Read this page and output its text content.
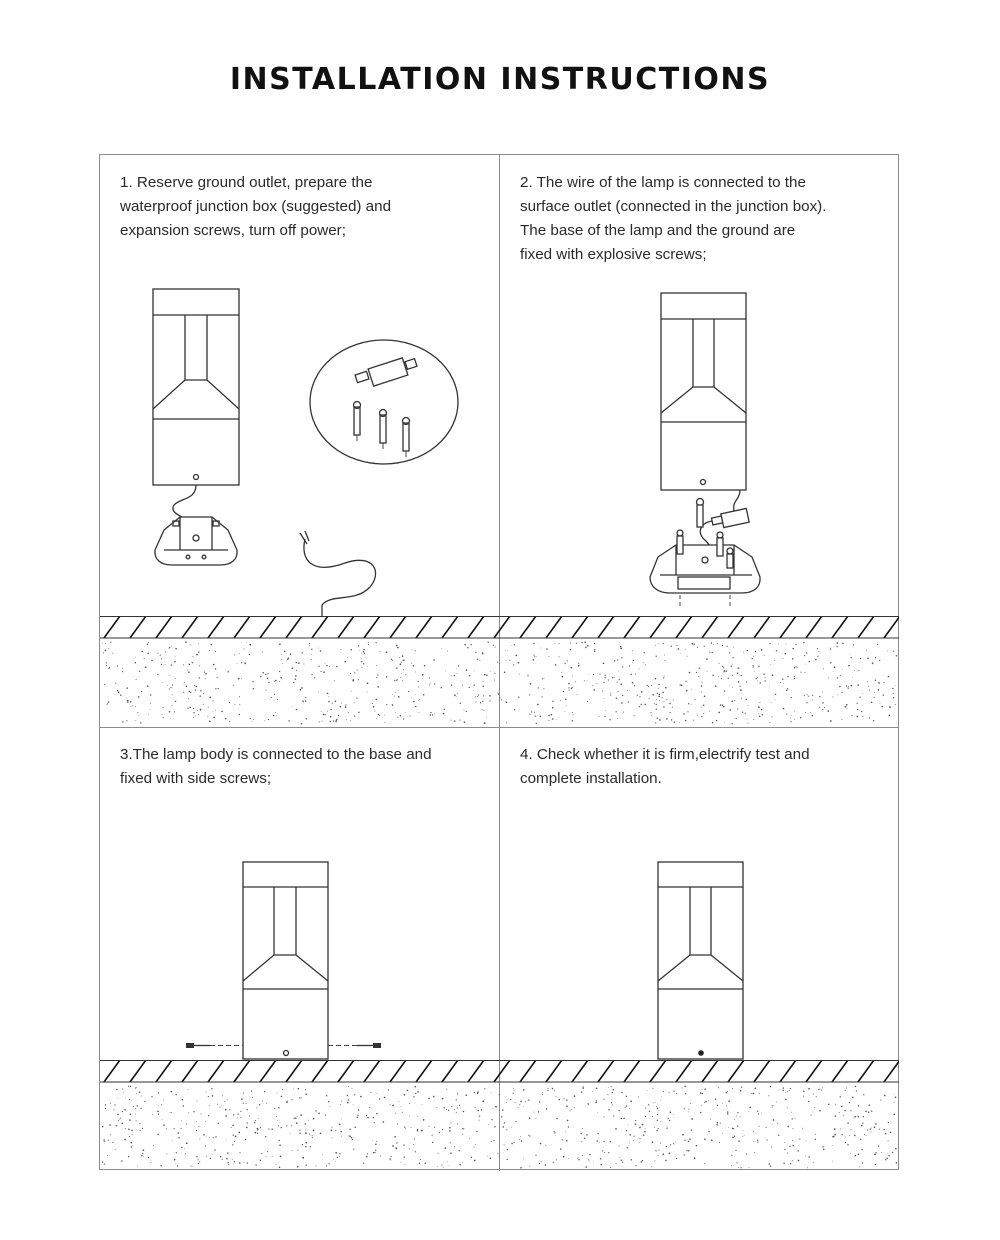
INSTALLATION INSTRUCTIONS

1. Reserve ground outlet, prepare the waterproof junction box (suggested) and expansion screws, turn off power;

2. The wire of the lamp is connected to the surface outlet (connected in the junction box). The base of the lamp and the ground are fixed with explosive screws;

3.The lamp body is connected to the base and fixed with side screws;

4. Check whether it is firm,electrify test and complete installation.
